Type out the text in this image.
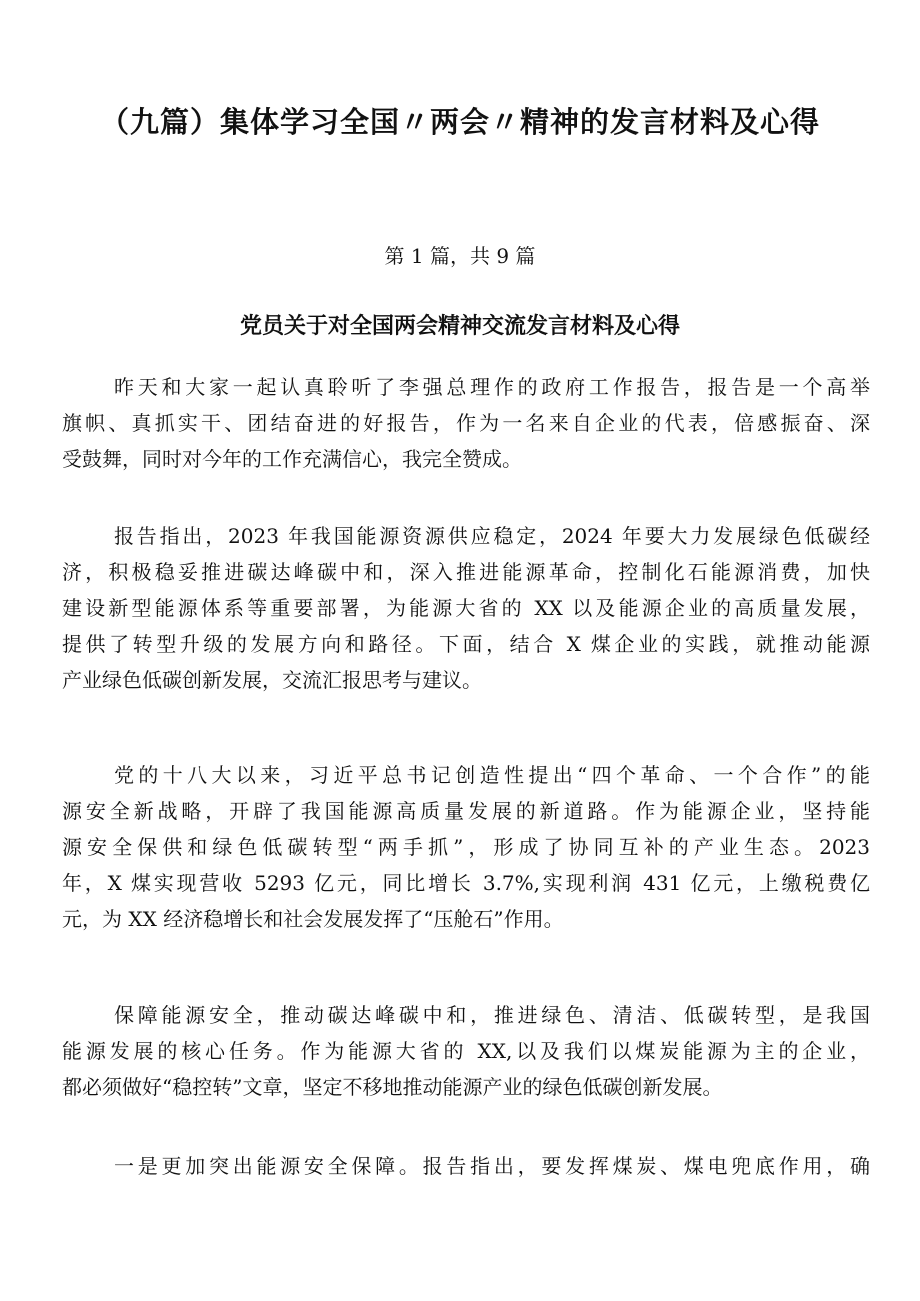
（九篇）集体学习全国〃两会〃精神的发言材料及心得
第 1 篇，共 9 篇
党员关于对全国两会精神交流发言材料及心得
昨天和大家一起认真聆听了李强总理作的政府工作报告，报告是一个高举
旗帜、真抓实干、团结奋进的好报告，作为一名来自企业的代表，倍感振奋、深
受鼓舞，同时对今年的工作充满信心，我完全赞成。
报告指出，2023 年我国能源资源供应稳定，2024 年要大力发展绿色低碳经
济，积极稳妥推进碳达峰碳中和，深入推进能源革命，控制化石能源消费，加快
建设新型能源体系等重要部署，为能源大省的 XX 以及能源企业的高质量发展，
提供了转型升级的发展方向和路径。下面，结合 X 煤企业的实践，就推动能源
产业绿色低碳创新发展，交流汇报思考与建议。
党的十八大以来，习近平总书记创造性提出“四个革命、一个合作”的能
源安全新战略，开辟了我国能源高质量发展的新道路。作为能源企业，坚持能
源安全保供和绿色低碳转型“两手抓”，形成了协同互补的产业生态。2023
年，X 煤实现营收 5293 亿元，同比增长 3.7%,实现利润 431 亿元，上缴税费亿
元，为 XX 经济稳增长和社会发展发挥了“压舱石”作用。
保障能源安全，推动碳达峰碳中和，推进绿色、清洁、低碳转型，是我国
能源发展的核心任务。作为能源大省的 XX,以及我们以煤炭能源为主的企业，
都必须做好“稳控转”文章，坚定不移地推动能源产业的绿色低碳创新发展。
一是更加突出能源安全保障。报告指出，要发挥煤炭、煤电兜底作用，确
